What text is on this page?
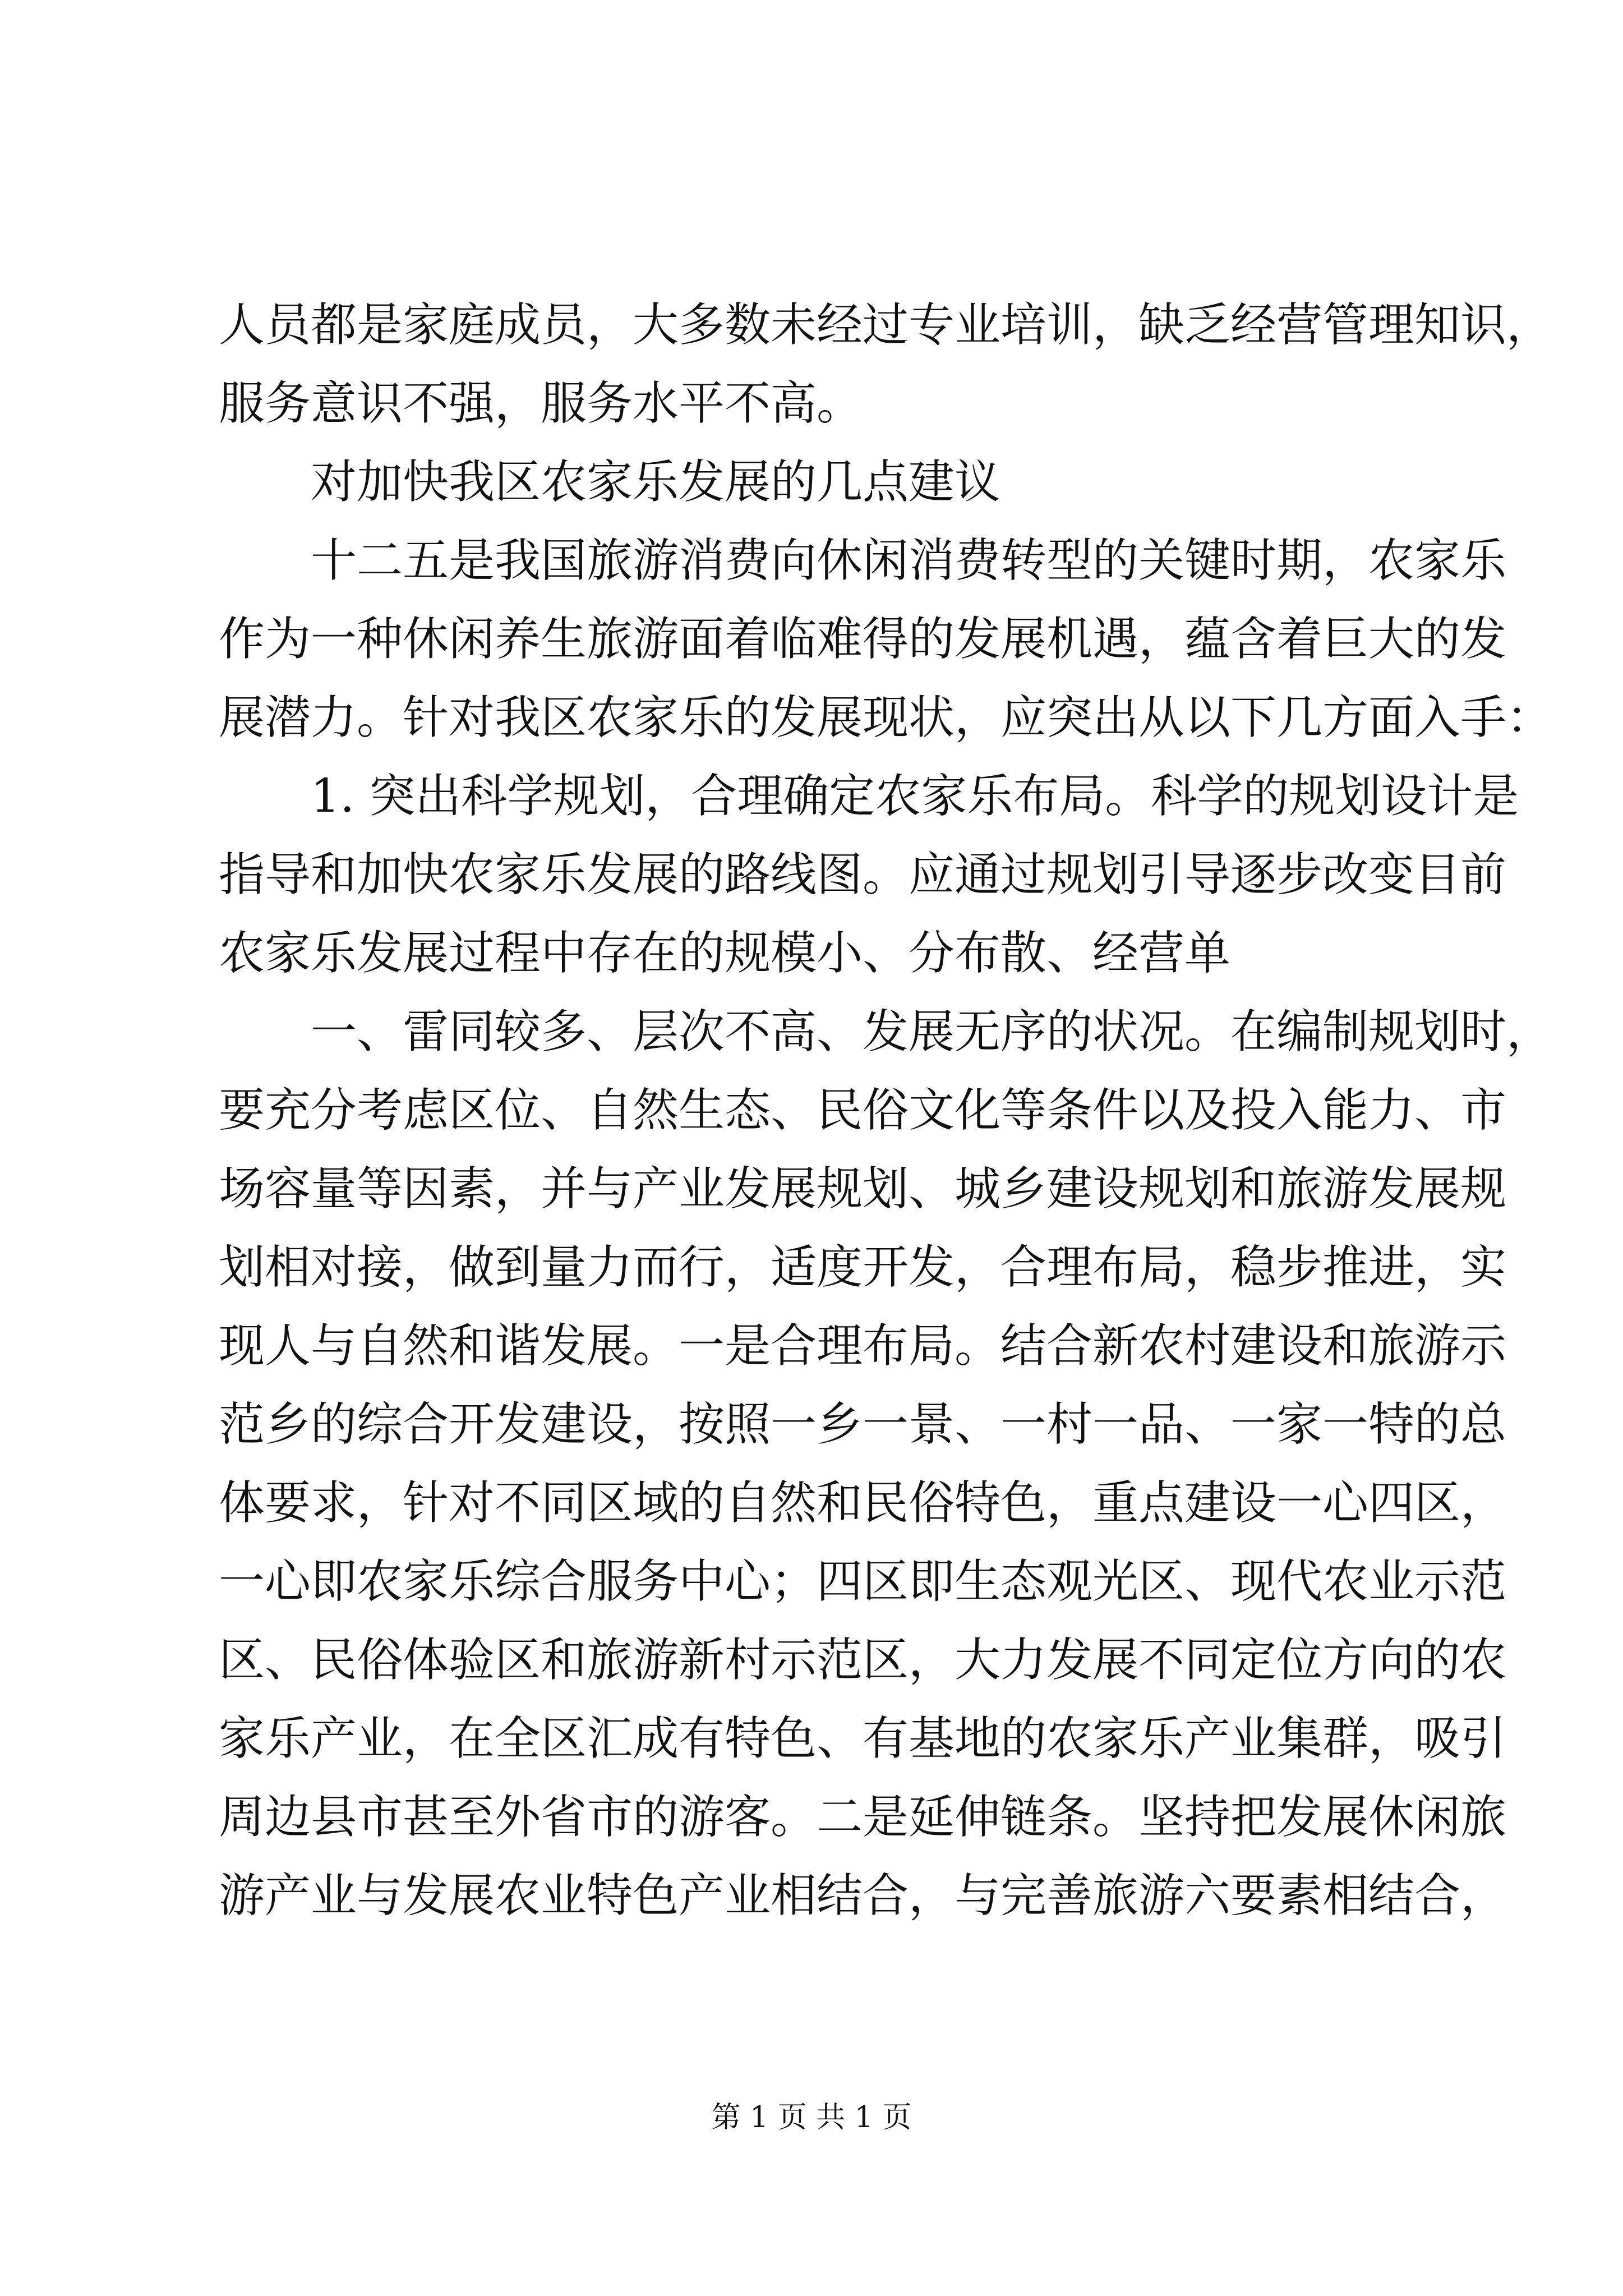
人员都是家庭成员，大多数未经过专业培训，缺乏经营管理知识，
服务意识不强，服务水平不高。
对加快我区农家乐发展的几点建议
十二五是我国旅游消费向休闲消费转型的关键时期，农家乐
作为一种休闲养生旅游面着临难得的发展机遇，蕴含着巨大的发
展潜力。针对我区农家乐的发展现状，应突出从以下几方面入手：
1. 突出科学规划，合理确定农家乐布局。科学的规划设计是
指导和加快农家乐发展的路线图。应通过规划引导逐步改变目前
农家乐发展过程中存在的规模小、分布散、经营单
一、雷同较多、层次不高、发展无序的状况。在编制规划时，
要充分考虑区位、自然生态、民俗文化等条件以及投入能力、市
场容量等因素，并与产业发展规划、城乡建设规划和旅游发展规
划相对接，做到量力而行，适度开发，合理布局，稳步推进，实
现人与自然和谐发展。一是合理布局。结合新农村建设和旅游示
范乡的综合开发建设，按照一乡一景、一村一品、一家一特的总
体要求，针对不同区域的自然和民俗特色，重点建设一心四区，
一心即农家乐综合服务中心；四区即生态观光区、现代农业示范
区、民俗体验区和旅游新村示范区，大力发展不同定位方向的农
家乐产业，在全区汇成有特色、有基地的农家乐产业集群，吸引
周边县市甚至外省市的游客。二是延伸链条。坚持把发展休闲旅
游产业与发展农业特色产业相结合，与完善旅游六要素相结合，
第 1 页 共 1 页
